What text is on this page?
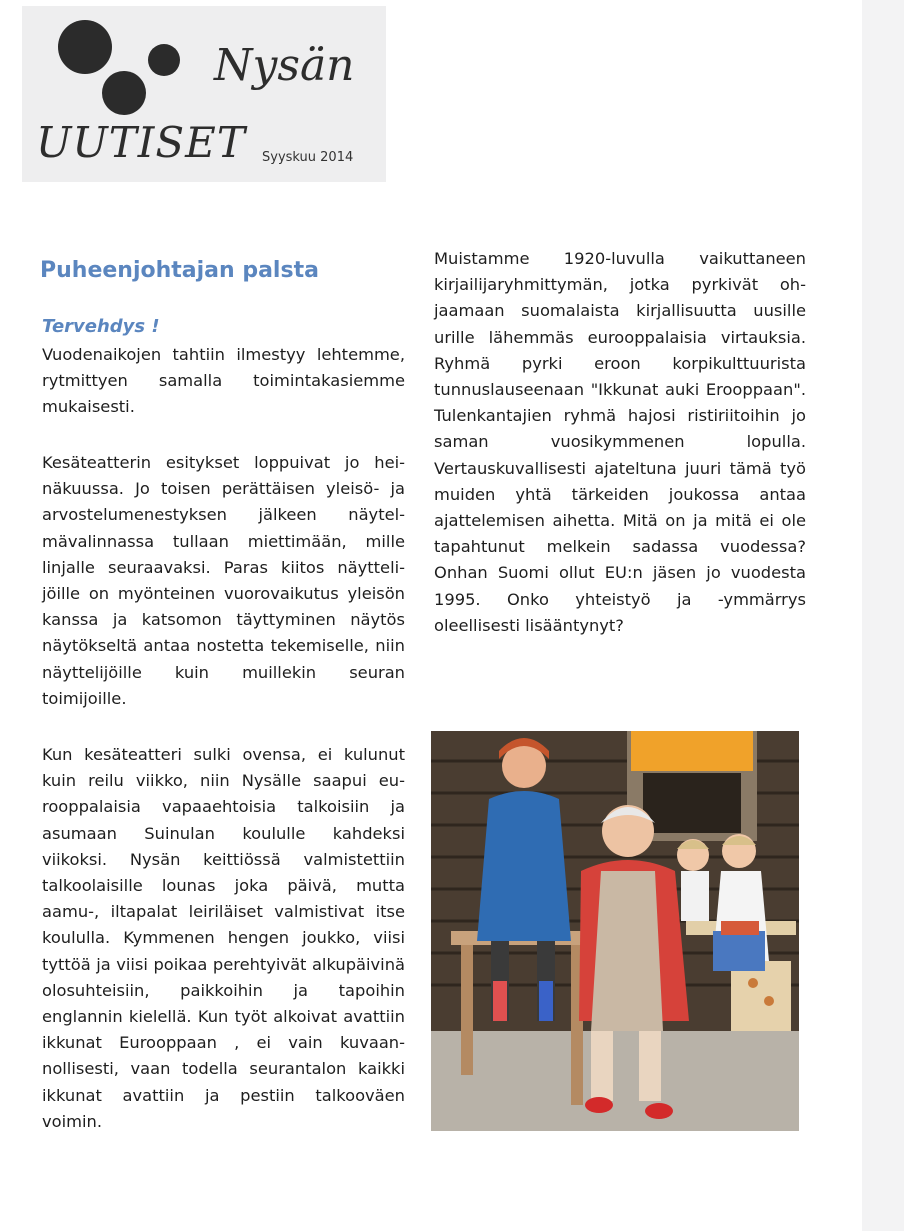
Nysän
UUTISET Syyskuu 2014
Puheenjohtajan palsta
Tervehdys !

Vuodenaikojen tahtiin ilmestyy lehtemme, rytmittyen samalla toimintakasiemme mukaisesti.

Kesäteatterin esitykset loppuivat jo heinäkuussa. Jo toisen perättäisen yleisö- ja arvostelumenestyksen jälkeen näytelmävalinnassa tullaan miettimään, mille linjalle seuraavaksi. Paras kiitos näyttelijöille on myönteinen vuorovaikutus yleisön kanssa ja katsomon täyttyminen näytös näytökseltä antaa nostetta tekemiselle, niin näyttelijöille kuin muillekin seuran toimijoille.

Kun kesäteatteri sulki ovensa, ei kulunut kuin reilu viikko, niin Nysälle saapui eurooppalaisia vapaaehtoisia talkoisiin ja asumaan Suinulan koululle kahdeksi viikoksi. Nysän keittiössä valmistettiin talkoolaisille lounas joka päivä, mutta aamu-, iltapalat leiriläiset valmistivat itse koululla. Kymmenen hengen joukko, viisi tyttöä ja viisi poikaa perehtyivät alkupäivinä olosuhteisiin, paikkoihin ja tapoihin englannin kielellä. Kun työt alkoivat avattiin ikkunat Eurooppaan , ei vain kuvaannollisesti, vaan todella seurantalon kaikki ikkunat avattiin ja pestiin talkooväen voimin.

Muistamme 1920-luvulla vaikuttaneen kirjailijaryhmittymän, jotka pyrkivät ohjaamaan suomalaista kirjallisuutta uusille urille lähemmäs eurooppalaisia virtauksia. Ryhmä pyrki eroon korpikulttuurista tunnuslauseenaan "Ikkunat auki Erooppaan". Tulenkantajien ryhmä hajosi ristiriitoihin jo saman vuosikymmenen lopulla. Vertauskuvallisesti ajateltuna juuri tämä työ muiden yhtä tärkeiden joukossa antaa ajattelemisen aihetta. Mitä on ja mitä ei ole tapahtunut melkein sadassa vuodessa? Onhan Suomi ollut EU:n jäsen jo vuodesta 1995. Onko yhteistyö ja -ymmärrys oleellisesti lisääntynyt?
